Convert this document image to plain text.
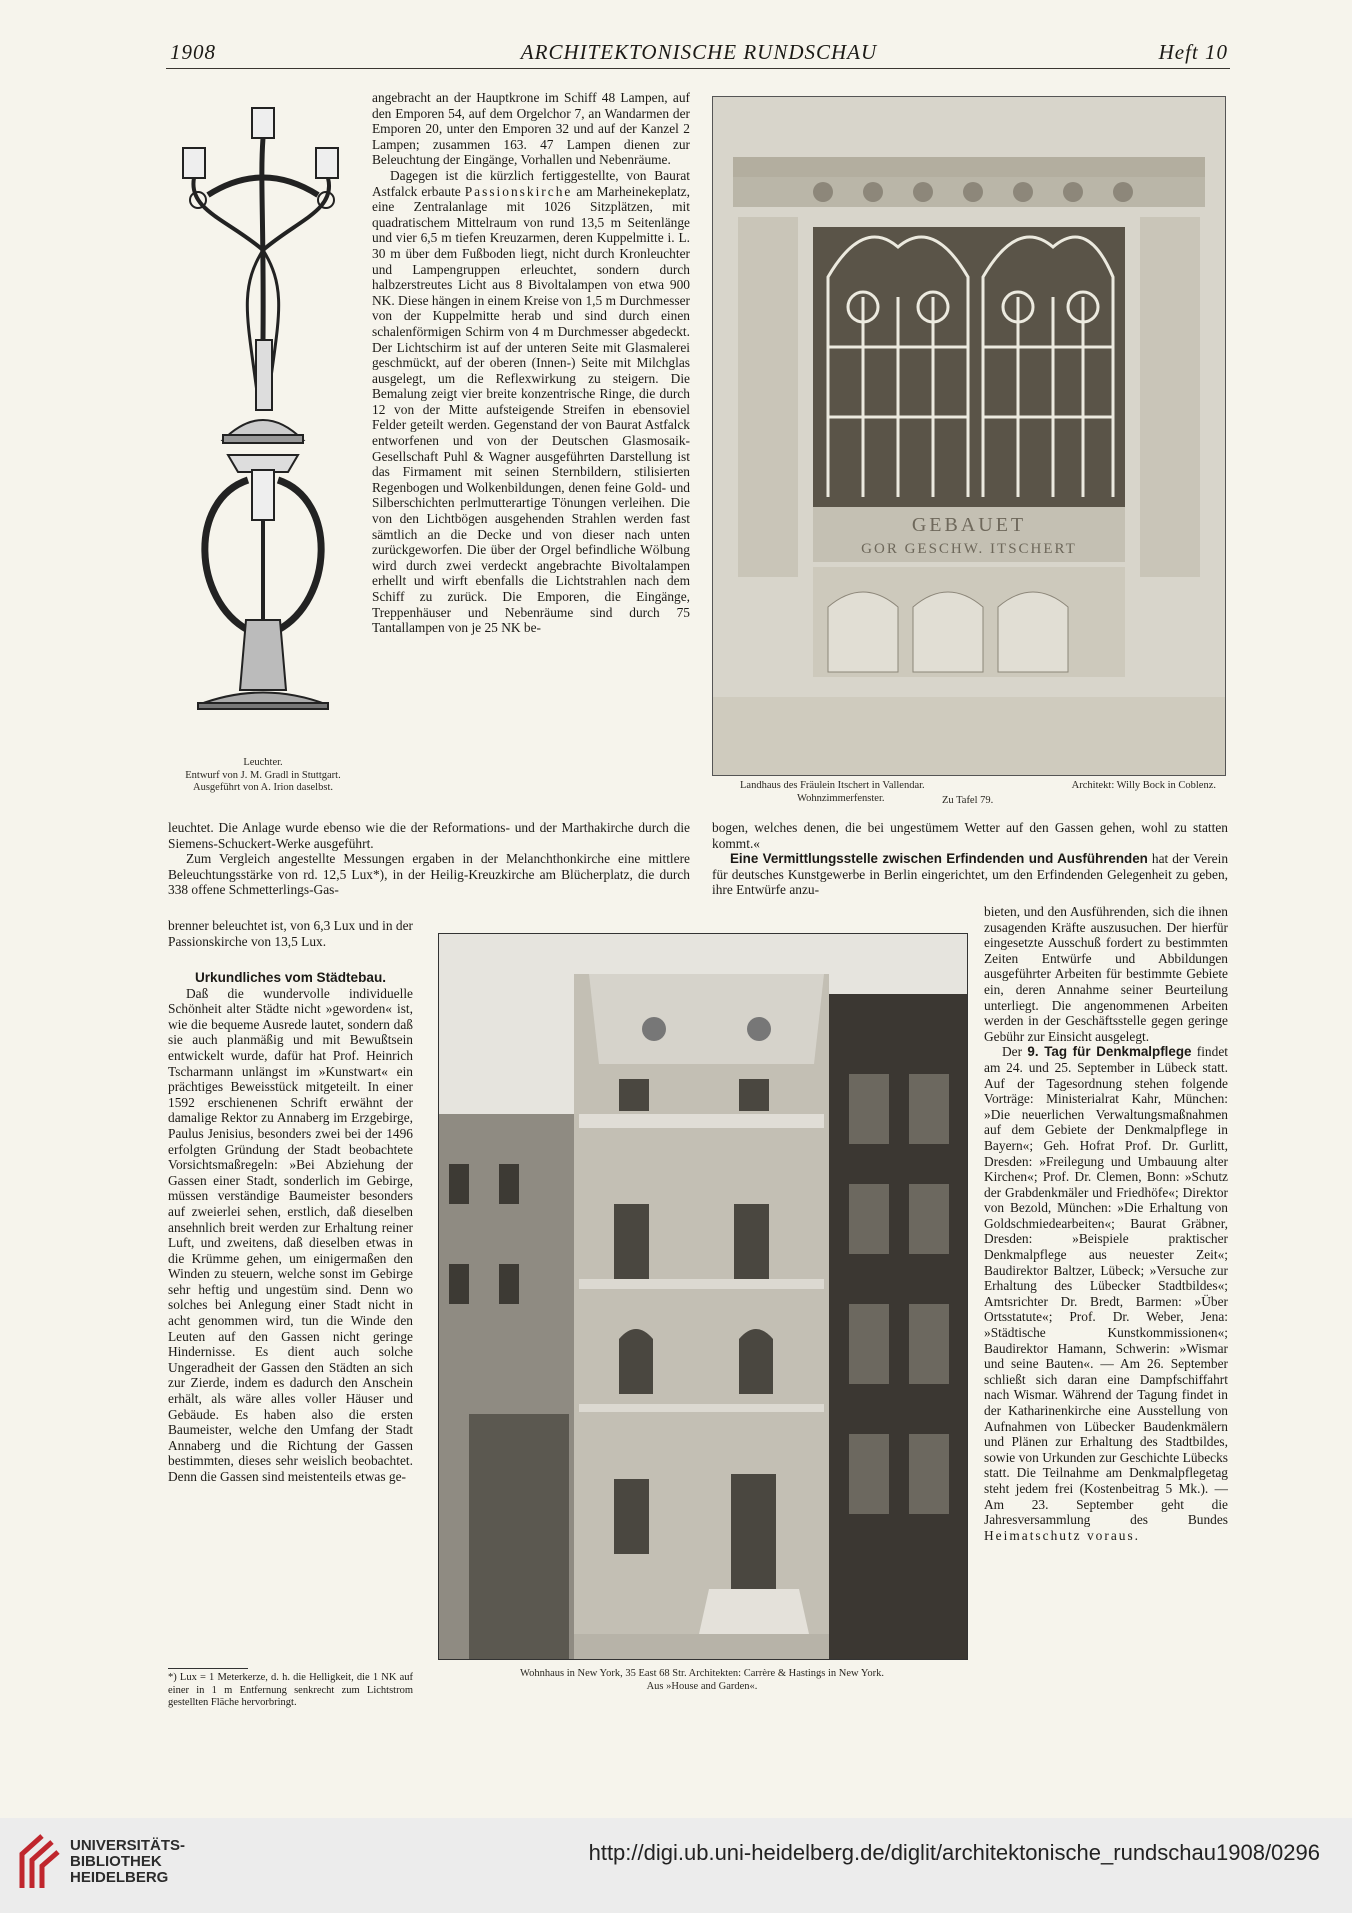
1908	ARCHITEKTONISCHE RUNDSCHAU	Heft 10
Leuchter.
Entwurf von J. M. Gradl in Stuttgart.
Ausgeführt von A. Irion daselbst.

angebracht an der Hauptkrone im Schiff 48 Lampen, auf den Emporen 54, auf dem Orgelchor 7, an Wandarmen der Emporen 20, unter den Emporen 32 und auf der Kanzel 2 Lampen; zusammen 163. 47 Lampen dienen zur Beleuchtung der Eingänge, Vorhallen und Nebenräume.

Dagegen ist die kürzlich fertiggestellte, von Baurat Astfalck erbaute Passionskirche am Marheinekeplatz, eine Zentralanlage mit 1026 Sitzplätzen, mit quadratischem Mittelraum von rund 13,5 m Seitenlänge und vier 6,5 m tiefen Kreuzarmen, deren Kuppelmitte i. L. 30 m über dem Fußboden liegt, nicht durch Kronleuchter und Lampengruppen erleuchtet, sondern durch halbzerstreutes Licht aus 8 Bivoltalampen von etwa 900 NK. Diese hängen in einem Kreise von 1,5 m Durchmesser von der Kuppelmitte herab und sind durch einen schalenförmigen Schirm von 4 m Durchmesser abgedeckt. Der Lichtschirm ist auf der unteren Seite mit Glasmalerei geschmückt, auf der oberen (Innen-) Seite mit Milchglas ausgelegt, um die Reflexwirkung zu steigern. Die Bemalung zeigt vier breite konzentrische Ringe, die durch 12 von der Mitte aufsteigende Streifen in ebensoviel Felder geteilt werden. Gegenstand der von Baurat Astfalck entworfenen und von der Deutschen Glasmosaik-Gesellschaft Puhl & Wagner ausgeführten Darstellung ist das Firmament mit seinen Sternbildern, stilisierten Regenbogen und Wolkenbildungen, denen feine Gold- und Silberschichten perlmutterartige Tönungen verleihen. Die von den Lichtbögen ausgehenden Strahlen werden fast sämtlich an die Decke und von dieser nach unten zurückgeworfen. Die über der Orgel befindliche Wölbung wird durch zwei verdeckt angebrachte Bivoltalampen erhellt und wirft ebenfalls die Lichtstrahlen nach dem Schiff zu zurück. Die Emporen, die Eingänge, Treppenhäuser und Nebenräume sind durch 75 Tantallampen von je 25 NK be-

leuchtet. Die Anlage wurde ebenso wie die der Reformations- und der Marthakirche durch die Siemens-Schuckert-Werke ausgeführt.

Zum Vergleich angestellte Messungen ergaben in der Melanchthonkirche eine mittlere Beleuchtungsstärke von rd. 12,5 Lux*), in der Heilig-Kreuzkirche am Blücherplatz, die durch 338 offene Schmetterlings-Gas-

brenner beleuchtet ist, von 6,3 Lux und in der Passionskirche von 13,5 Lux.

GEBAUET
GOR GESCHW. ITSCHERT
Landhaus des Fräulein Itschert in Vallendar.	Architekt: Willy Bock in Coblenz.
Wohnzimmerfenster.	Zu Tafel 79.

bogen, welches denen, die bei ungestümem Wetter auf den Gassen gehen, wohl zu statten kommt.«

Eine Vermittlungsstelle zwischen Erfindenden und Ausführenden hat der Verein für deutsches Kunstgewerbe in Berlin eingerichtet, um den Erfindenden Gelegenheit zu geben, ihre Entwürfe anzu-

bieten, und den Ausführenden, sich die ihnen zusagenden Kräfte auszusuchen. Der hierfür eingesetzte Ausschuß fordert zu bestimmten Zeiten Entwürfe und Abbildungen ausgeführter Arbeiten für bestimmte Gebiete ein, deren Annahme seiner Beurteilung unterliegt. Die angenommenen Arbeiten werden in der Geschäftsstelle gegen geringe Gebühr zur Einsicht ausgelegt.

Der 9. Tag für Denkmalpflege findet am 24. und 25. September in Lübeck statt. Auf der Tagesordnung stehen folgende Vorträge: Ministerialrat Kahr, München: »Die neuerlichen Verwaltungsmaßnahmen auf dem Gebiete der Denkmalpflege in Bayern«; Geh. Hofrat Prof. Dr. Gurlitt, Dresden: »Freilegung und Umbauung alter Kirchen«; Prof. Dr. Clemen, Bonn: »Schutz der Grabdenkmäler und Friedhöfe«; Direktor von Bezold, München: »Die Erhaltung von Goldschmiedearbeiten«; Baurat Gräbner, Dresden: »Beispiele praktischer Denkmalpflege aus neuester Zeit«; Baudirektor Baltzer, Lübeck; »Versuche zur Erhaltung des Lübecker Stadtbildes«; Amtsrichter Dr. Bredt, Barmen: »Über Ortsstatute«; Prof. Dr. Weber, Jena: »Städtische Kunstkommissionen«; Baudirektor Hamann, Schwerin: »Wismar und seine Bauten«. — Am 26. September schließt sich daran eine Dampfschiffahrt nach Wismar. Während der Tagung findet in der Katharinenkirche eine Ausstellung von Aufnahmen von Lübecker Baudenkmälern und Plänen zur Erhaltung des Stadtbildes, sowie von Urkunden zur Geschichte Lübecks statt. Die Teilnahme am Denkmalpflegetag steht jedem frei (Kostenbeitrag 5 Mk.). — Am 23. September geht die Jahresversammlung des Bundes Heimatschutz voraus.

Urkundliches vom Städtebau.

Daß die wundervolle individuelle Schönheit alter Städte nicht »geworden« ist, wie die bequeme Ausrede lautet, sondern daß sie auch planmäßig und mit Bewußtsein entwickelt wurde, dafür hat Prof. Heinrich Tscharmann unlängst im »Kunstwart« ein prächtiges Beweisstück mitgeteilt. In einer 1592 erschienenen Schrift erwähnt der damalige Rektor zu Annaberg im Erzgebirge, Paulus Jenisius, besonders zwei bei der 1496 erfolgten Gründung der Stadt beobachtete Vorsichtsmaßregeln: »Bei Abziehung der Gassen einer Stadt, sonderlich im Gebirge, müssen verständige Baumeister besonders auf zweierlei sehen, erstlich, daß dieselben ansehnlich breit werden zur Erhaltung reiner Luft, und zweitens, daß dieselben etwas in die Krümme gehen, um einigermaßen den Winden zu steuern, welche sonst im Gebirge sehr heftig und ungestüm sind. Denn wo solches bei Anlegung einer Stadt nicht in acht genommen wird, tun die Winde den Leuten auf den Gassen nicht geringe Hindernisse. Es dient auch solche Ungeradheit der Gassen den Städten an sich zur Zierde, indem es dadurch den Anschein erhält, als wäre alles voller Häuser und Gebäude. Es haben also die ersten Baumeister, welche den Umfang der Stadt Annaberg und die Richtung der Gassen bestimmten, dieses sehr weislich beobachtet. Denn die Gassen sind meistenteils etwas ge-

*) Lux = 1 Meterkerze, d. h. die Helligkeit, die 1 NK auf einer in 1 m Entfernung senkrecht zum Lichtstrom gestellten Fläche hervorbringt.
Wohnhaus in New York, 35 East 68 Str. Architekten: Carrère & Hastings in New York.
Aus »House and Garden«.
UNIVERSITÄTS-
BIBLIOTHEK
HEIDELBERG
http://digi.ub.uni-heidelberg.de/diglit/architektonische_rundschau1908/0296
